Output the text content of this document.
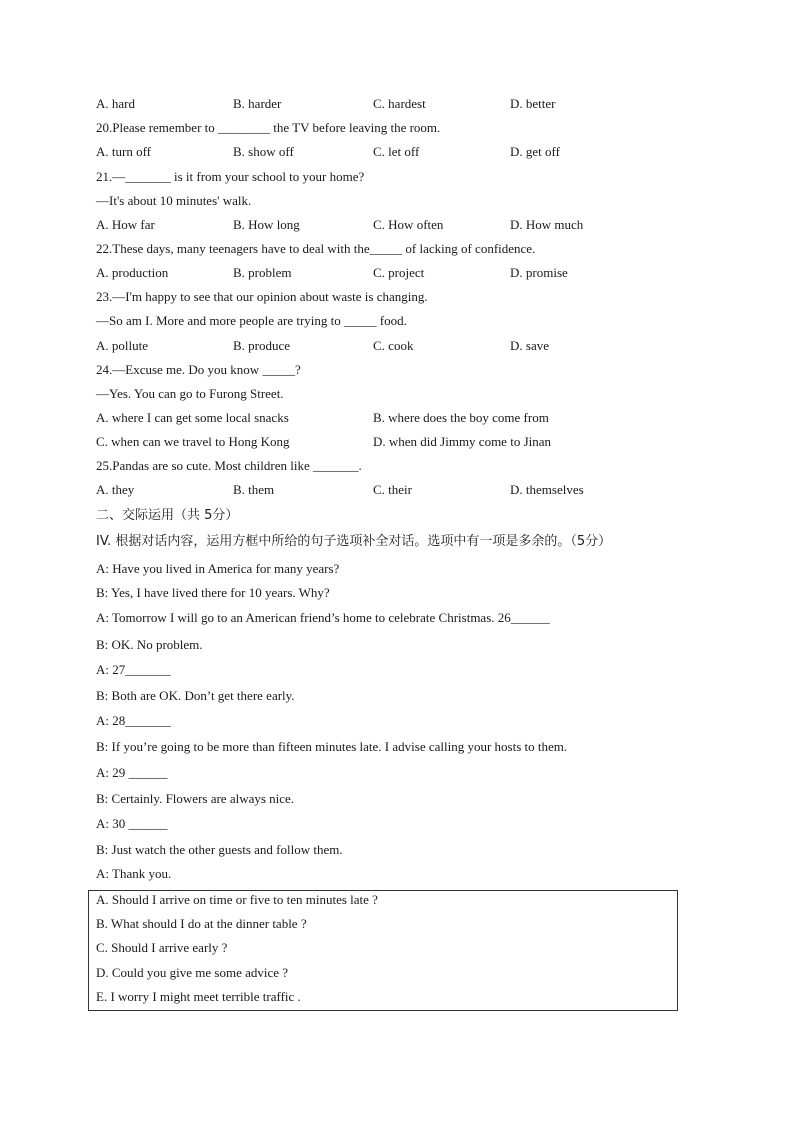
A. hard	B. harder	C. hardest	D. better
20.Please remember to ________ the TV before leaving the room.
A. turn off	B. show off	C. let off	D. get off
21.—_______ is it from your school to your home?
—It's about 10 minutes' walk.
A. How far	B. How long	C. How often	D. How much
22.These days, many teenagers have to deal with the_____ of lacking of confidence.
A. production	B. problem	C. project	D. promise
23.—I'm happy to see that our opinion about waste is changing.
—So am I. More and more people are trying to _____ food.
A. pollute	B. produce	C. cook	D. save
24.—Excuse me. Do you know _____?
—Yes. You can go to Furong Street.
A. where I can get some local snacks	B. where does the boy come from
C. when can we travel to Hong Kong	D. when did Jimmy come to Jinan
25.Pandas are so cute. Most children like _______.
A. they	B. them	C. their	D. themselves
二、交际运用（共 5分）
IV. 根据对话内容，运用方框中所给的句子选项补全对话。选项中有一项是多余的。（5分）
A: Have you lived in America for many years?
B: Yes, I have lived there for 10 years. Why?
A: Tomorrow I will go to an American friend’s home to celebrate Christmas. 26______
B: OK. No problem.
A: 27_______
B: Both are OK. Don’t get there early.
A: 28_______
B: If you’re going to be more than fifteen minutes late. I advise calling your hosts to them.
A: 29 ______
B: Certainly. Flowers are always nice.
A: 30 ______
B: Just watch the other guests and follow them.
A: Thank you.
A. Should I arrive on time or five to ten minutes late ?
B. What should I do at the dinner table ?
C. Should I arrive early ?
D. Could you give me some advice ?
E. I worry I might meet terrible traffic .
